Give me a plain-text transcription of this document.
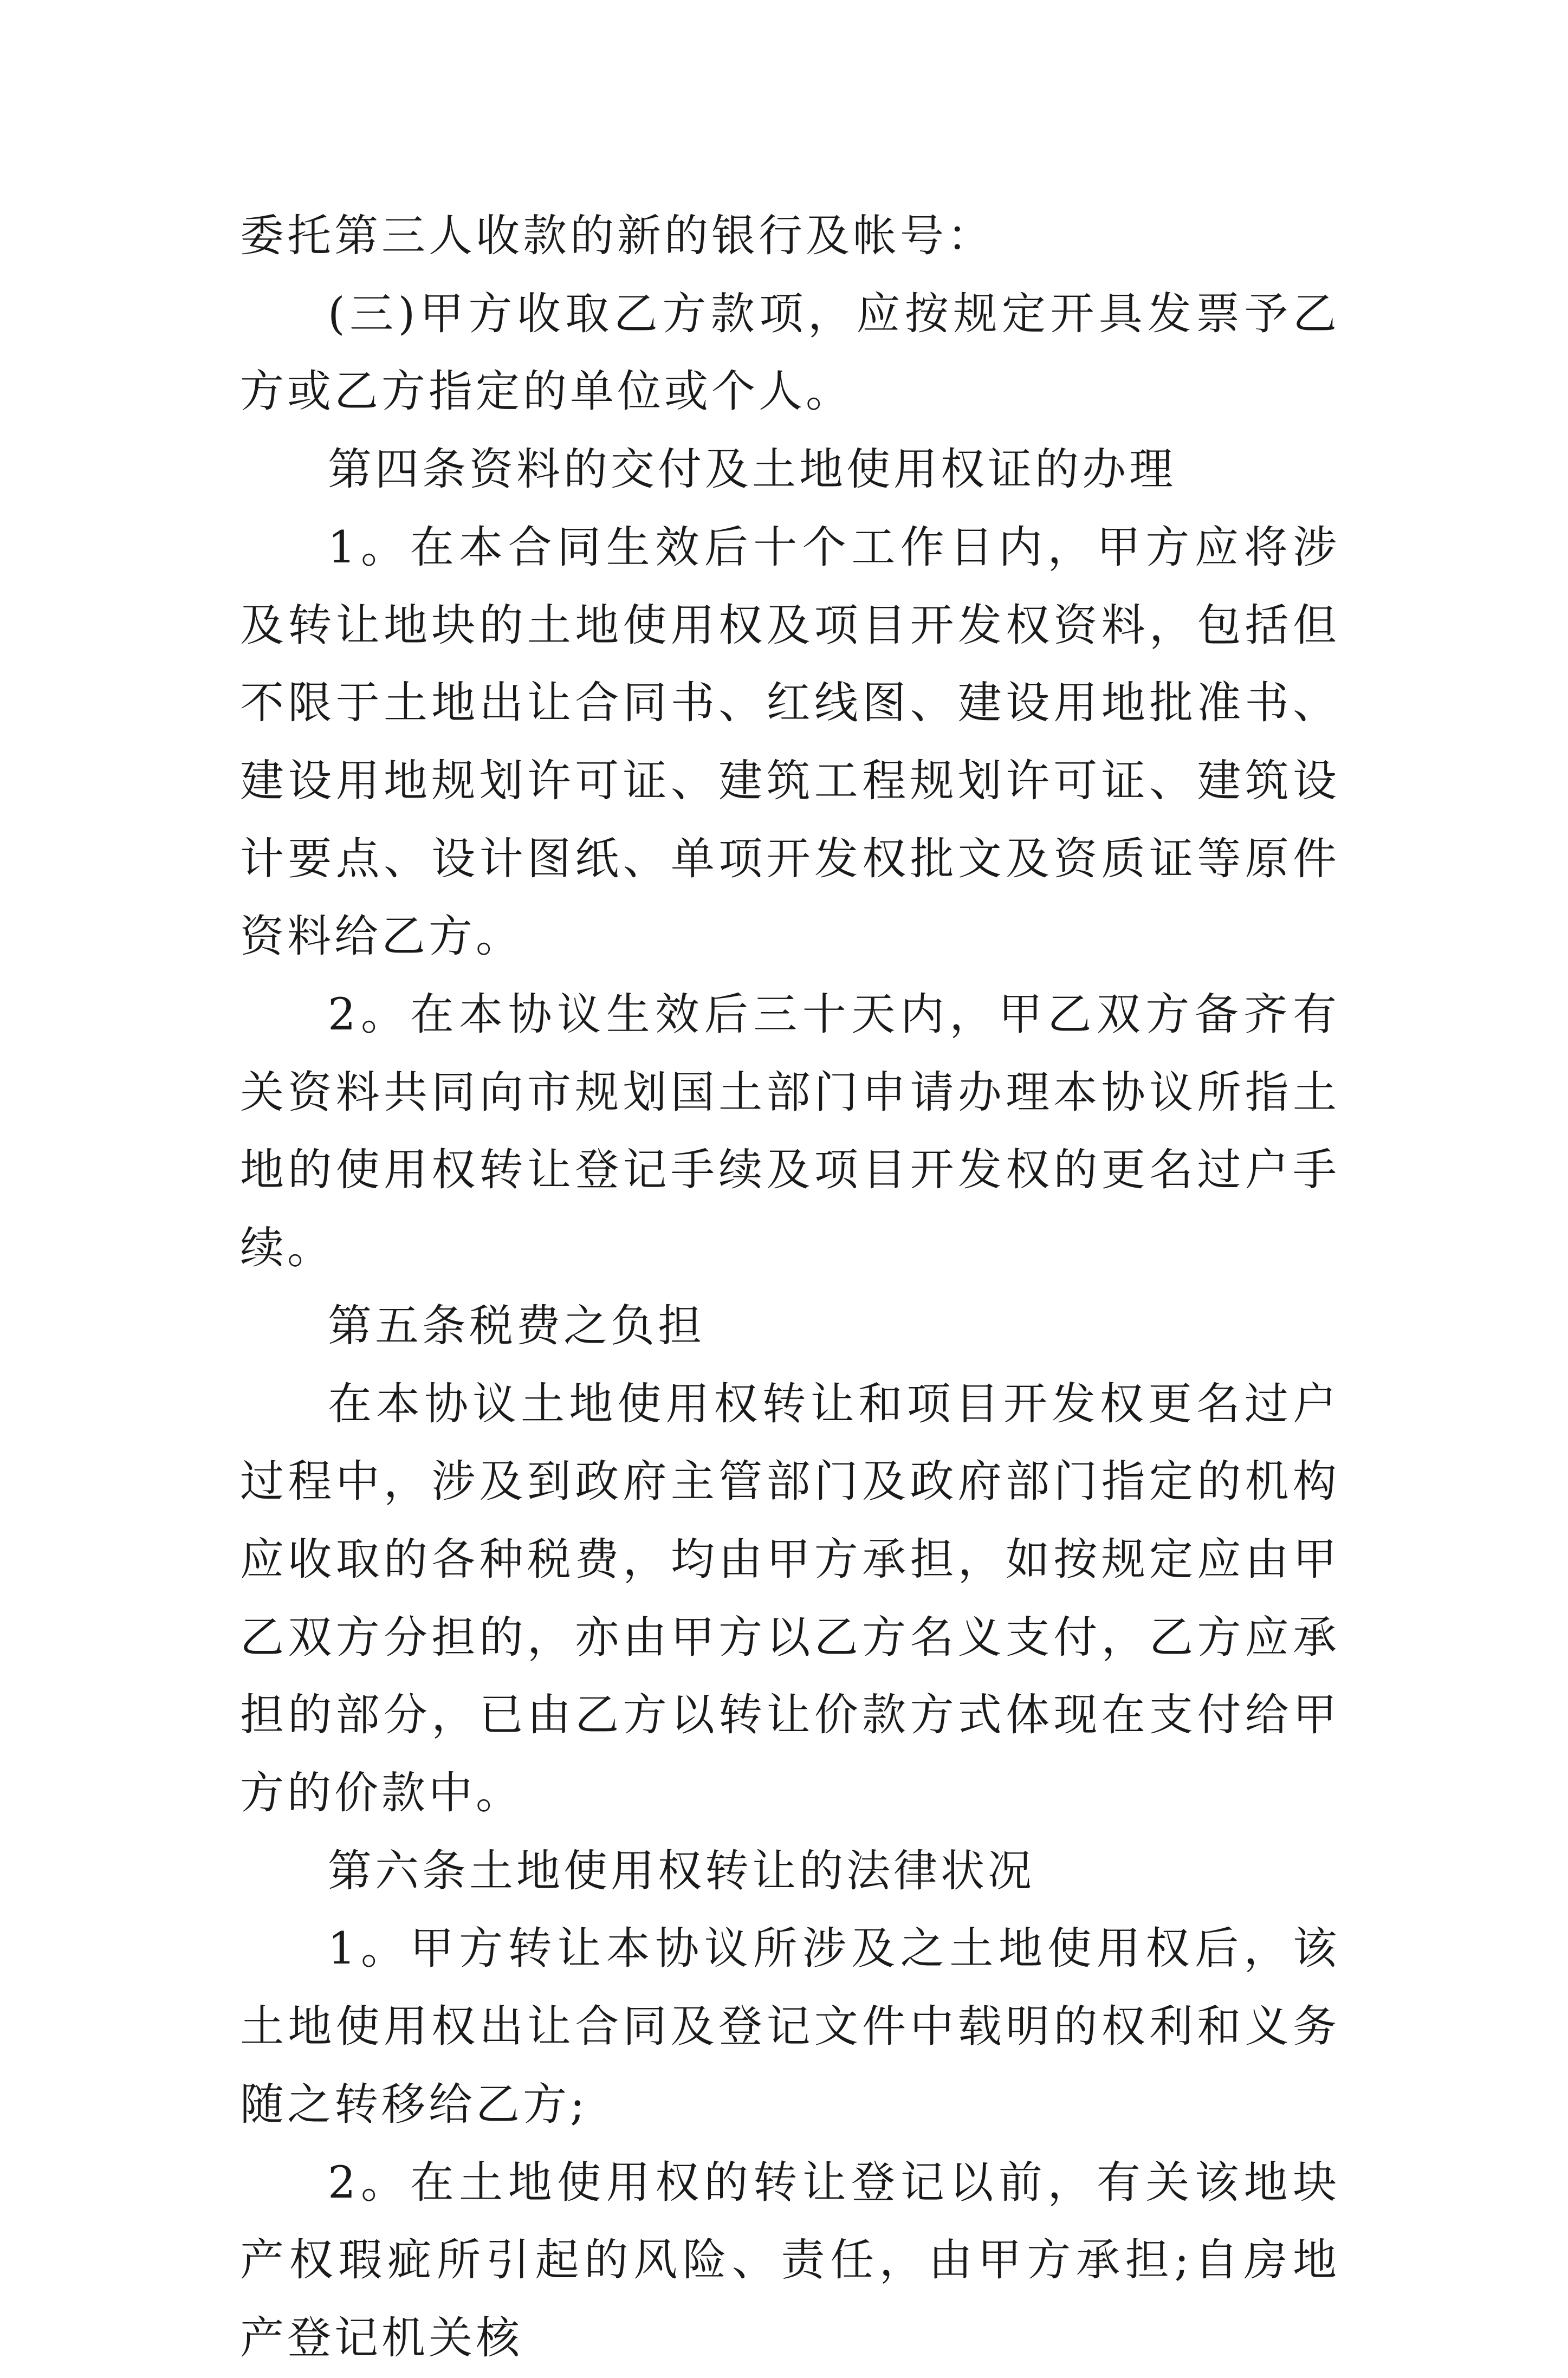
委托第三人收款的新的银行及帐号：

(三)甲方收取乙方款项，应按规定开具发票予乙方或乙方指定的单位或个人。

第四条资料的交付及土地使用权证的办理

1。在本合同生效后十个工作日内，甲方应将涉及转让地块的土地使用权及项目开发权资料，包括但不限于土地出让合同书、红线图、建设用地批准书、建设用地规划许可证、建筑工程规划许可证、建筑设计要点、设计图纸、单项开发权批文及资质证等原件资料给乙方。

2。在本协议生效后三十天内，甲乙双方备齐有关资料共同向市规划国土部门申请办理本协议所指土地的使用权转让登记手续及项目开发权的更名过户手续。

第五条税费之负担

在本协议土地使用权转让和项目开发权更名过户过程中，涉及到政府主管部门及政府部门指定的机构应收取的各种税费，均由甲方承担，如按规定应由甲乙双方分担的，亦由甲方以乙方名义支付，乙方应承担的部分，已由乙方以转让价款方式体现在支付给甲方的价款中。

第六条土地使用权转让的法律状况

1。甲方转让本协议所涉及之土地使用权后，该土地使用权出让合同及登记文件中载明的权利和义务随之转移给乙方;

2。在土地使用权的转让登记以前，有关该地块产权瑕疵所引起的风险、责任，由甲方承担;自房地产登记机关核
